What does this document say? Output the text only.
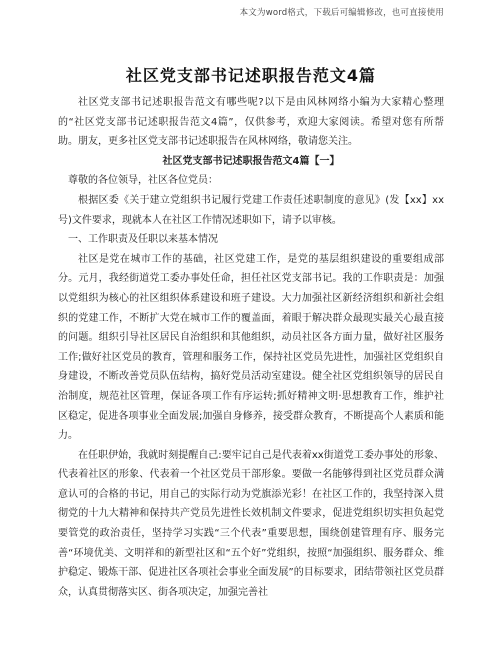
本文为word格式，下载后可编辑修改，也可直接使用
社区党支部书记述职报告范文4篇

社区党支部书记述职报告范文有哪些呢?以下是由风林网络小编为大家精心整理的“社区党支部书记述职报告范文4篇”，仅供参考，欢迎大家阅读。希望对您有所帮助。朋友，更多社区党支部书记述职报告在风林网络，敬请您关注。

社区党支部书记述职报告范文4篇【一】

尊敬的各位领导，社区各位党员：

根据区委《关于建立党组织书记履行党建工作责任述职制度的意见》(发【xx】xx号)文件要求，现就本人在社区工作情况述职如下，请予以审核。

一、工作职责及任职以来基本情况

社区是党在城市工作的基础，社区党建工作，是党的基层组织建设的重要组成部分。元月，我经街道党工委办事处任命，担任社区党支部书记。我的工作职责是：加强以党组织为核心的社区组织体系建设和班子建设。大力加强社区新经济组织和新社会组织的党建工作，不断扩大党在城市工作的覆盖面，着眼于解决群众最现实最关心最直接的问题。组织引导社区居民自治组织和其他组织，动员社区各方面力量，做好社区服务工作;做好社区党员的教育，管理和服务工作，保持社区党员先进性，加强社区党组织自身建设，不断改善党员队伍结构，搞好党员活动室建设。健全社区党组织领导的居民自治制度，规范社区管理，保证各项工作有序运转;抓好精神文明·思想教育工作，维护社区稳定，促进各项事业全面发展;加强自身修养，接受群众教育，不断提高个人素质和能力。

在任职伊始，我就时刻提醒自己:要牢记自己是代表着xx街道党工委办事处的形象、代表着社区的形象、代表着一个社区党员干部形象。要做一名能够得到社区党员群众满意认可的合格的书记，用自己的实际行动为党旗添光彩！在社区工作的，我坚持深入贯彻党的十九大精神和保持共产党员先进性长效机制文件要求，促进党组织切实担负起党要管党的政治责任，坚持学习实践“三个代表”重要思想，围绕创建管理有序、服务完善“环境优美、文明祥和的新型社区和“五个好”党组织，按照“加强组织、服务群众、维护稳定、锻炼干部、促进社区各项社会事业全面发展”的目标要求，团结带领社区党员群众，认真贯彻落实区、街各项决定，加强完善社
